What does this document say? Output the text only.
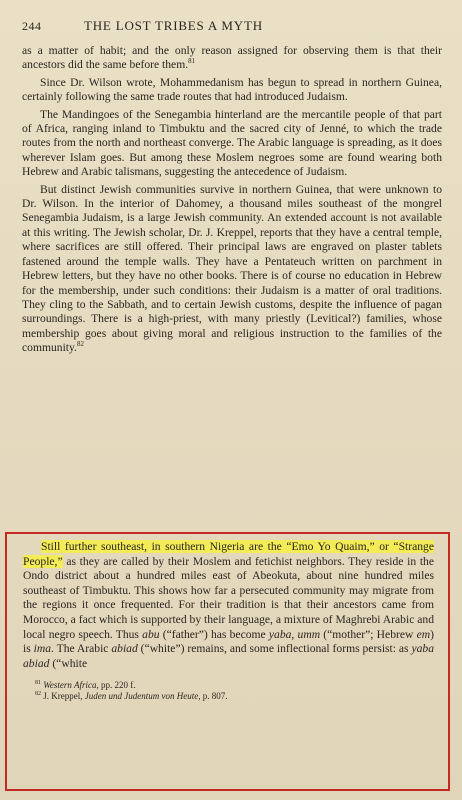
244	THE LOST TRIBES A MYTH

as a matter of habit; and the only reason assigned for observing them is that their ancestors did the same before them.$^{81}$

Since Dr. Wilson wrote, Mohammedanism has begun to spread in northern Guinea, certainly following the same trade routes that had introduced Judaism.

The Mandingoes of the Senegambia hinterland are the mercantile people of that part of Africa, ranging inland to Timbuktu and the sacred city of Jenné, to which the trade routes from the north and northeast converge. The Arabic language is spreading, as it does wherever Islam goes. But among these Moslem negroes some are found wearing both Hebrew and Arabic talismans, suggesting the antecedence of Judaism.

But distinct Jewish communities survive in northern Guinea, that were unknown to Dr. Wilson. In the interior of Dahomey, a thousand miles southeast of the mongrel Senegambia Judaism, is a large Jewish community. An extended account is not available at this writing. The Jewish scholar, Dr. J. Kreppel, reports that they have a central temple, where sacrifices are still offered. Their principal laws are engraved on plaster tablets fastened around the temple walls. They have a Pentateuch written on parchment in Hebrew letters, but they have no other books. There is of course no education in Hebrew for the membership, under such conditions: their Judaism is a matter of oral traditions. They cling to the Sabbath, and to certain Jewish customs, despite the influence of pagan surroundings. There is a high-priest, with many priestly (Levitical?) families, whose membership goes about giving moral and religious instruction to the families of the community.$^{82}$

Still further southeast, in southern Nigeria are the “Emo Yo Quaim,” or “Strange People,” as they are called by their Moslem and fetichist neighbors. They reside in the Ondo district about a hundred miles east of Abeokuta, about nine hundred miles southeast of Timbuktu. This shows how far a persecuted community may migrate from the regions it once frequented. For their tradition is that their ancestors came from Morocco, a fact which is supported by their language, a mixture of Maghrebi Arabic and local negro speech. Thus abu (“father”) has become yaba, umm (“mother”; Hebrew em) is ima. The Arabic abiad (“white”) remains, and some inflectional forms persist: as yaba abiad (“white

$^{81}$ Western Africa, pp. 220 f.

$^{82}$ J. Kreppel, Juden und Judentum von Heute, p. 807.
